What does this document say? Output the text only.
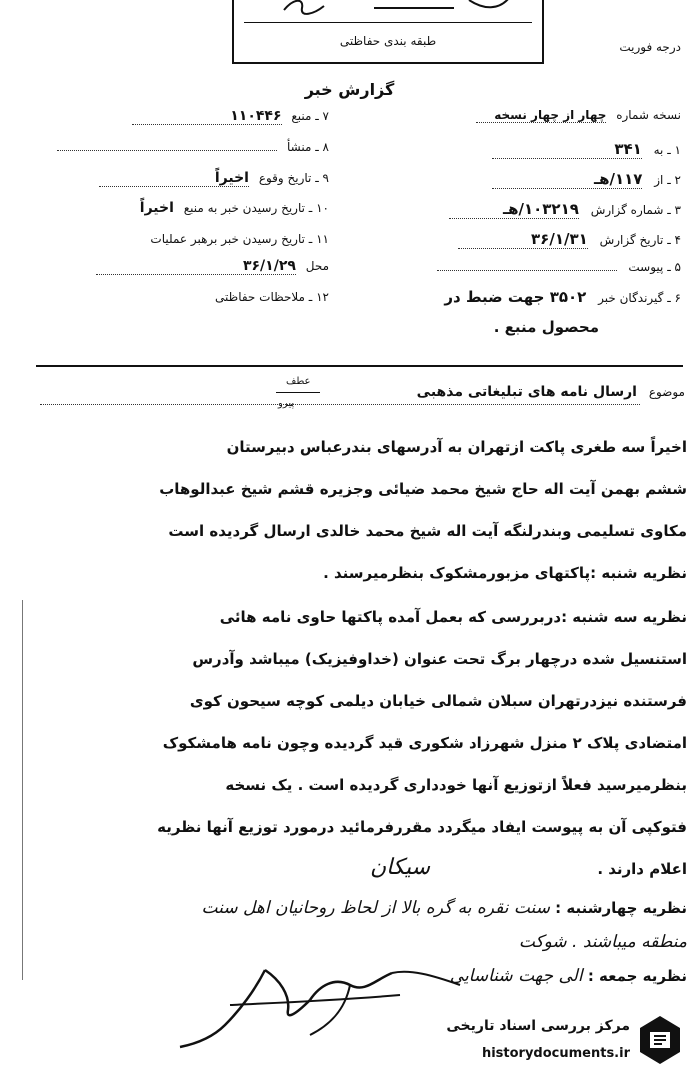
طبقه بندی حفاظتی	درجه فوریت
گزارش خبر
نسخه شماره چهار از چهار نسخه
۱ ـ به ۳۴۱
۲ ـ از ۱۱۷/هـ
۳ ـ شماره گزارش ۱۰۳۲۱۹/هـ
۴ ـ تاریخ گزارش ۳۶/۱/۳۱
۵ ـ پیوست
۶ ـ گیرندگان خبر ۳۵۰۲ جهت ضبط در
محصول منبع .
۷ ـ منبع ۱۱۰۴۴۶
۸ ـ منشأ
۹ ـ تاریخ وقوع اخیراً
۱۰ ـ تاریخ رسیدن خبر به منبع اخیراً
۱۱ ـ تاریخ رسیدن خبر برهبر عملیات
محل ۳۶/۱/۲۹
۱۲ ـ ملاحظات حفاظتی
موضوع ارسال نامه های تبلیغاتی مذهبی
عطف
پیرو
اخیراً سه طغری پاکت ازتهران به آدرسهای بندرعباس دبیرستان
ششم بهمن آیت اله حاج شیخ محمد ضیائی وجزیره قشم شیخ عبدالوهاب
مکاوی تسلیمی وبندرلنگه آیت اله شیخ محمد خالدی ارسال گردیده است
نظریه شنبه :پاکتهای مزبورمشکوک بنظرمیرسند .
نظریه سه شنبه :دربررسی که بعمل آمده پاکتها حاوی نامه هائی
استنسیل شده درچهار برگ تحت عنوان (خداوفیزیک) میباشد وآدرس
فرستنده نیزدرتهران سبلان شمالی خیابان دیلمی کوچه سیحون کوی
امتضادی پلاک ۲ منزل شهرزاد شکوری قید گردیده وچون نامه هامشکوک
بنظرمیرسید فعلاً ازتوزیع آنها خودداری گردیده است . یک نسخه
فتوکپی آن به پیوست ایفاد میگردد مقررفرمائید درمورد توزیع آنها نظریه
اعلام دارند .
سیکان
نظریه چهارشنبه : سنت نقره به گره بالا از لحاظ روحانیان اهل سنت
منطقه میباشند . شوکت
نظریه جمعه : الی جهت شناسایی
مرکز بررسی اسناد تاریخی
historydocuments.ir
